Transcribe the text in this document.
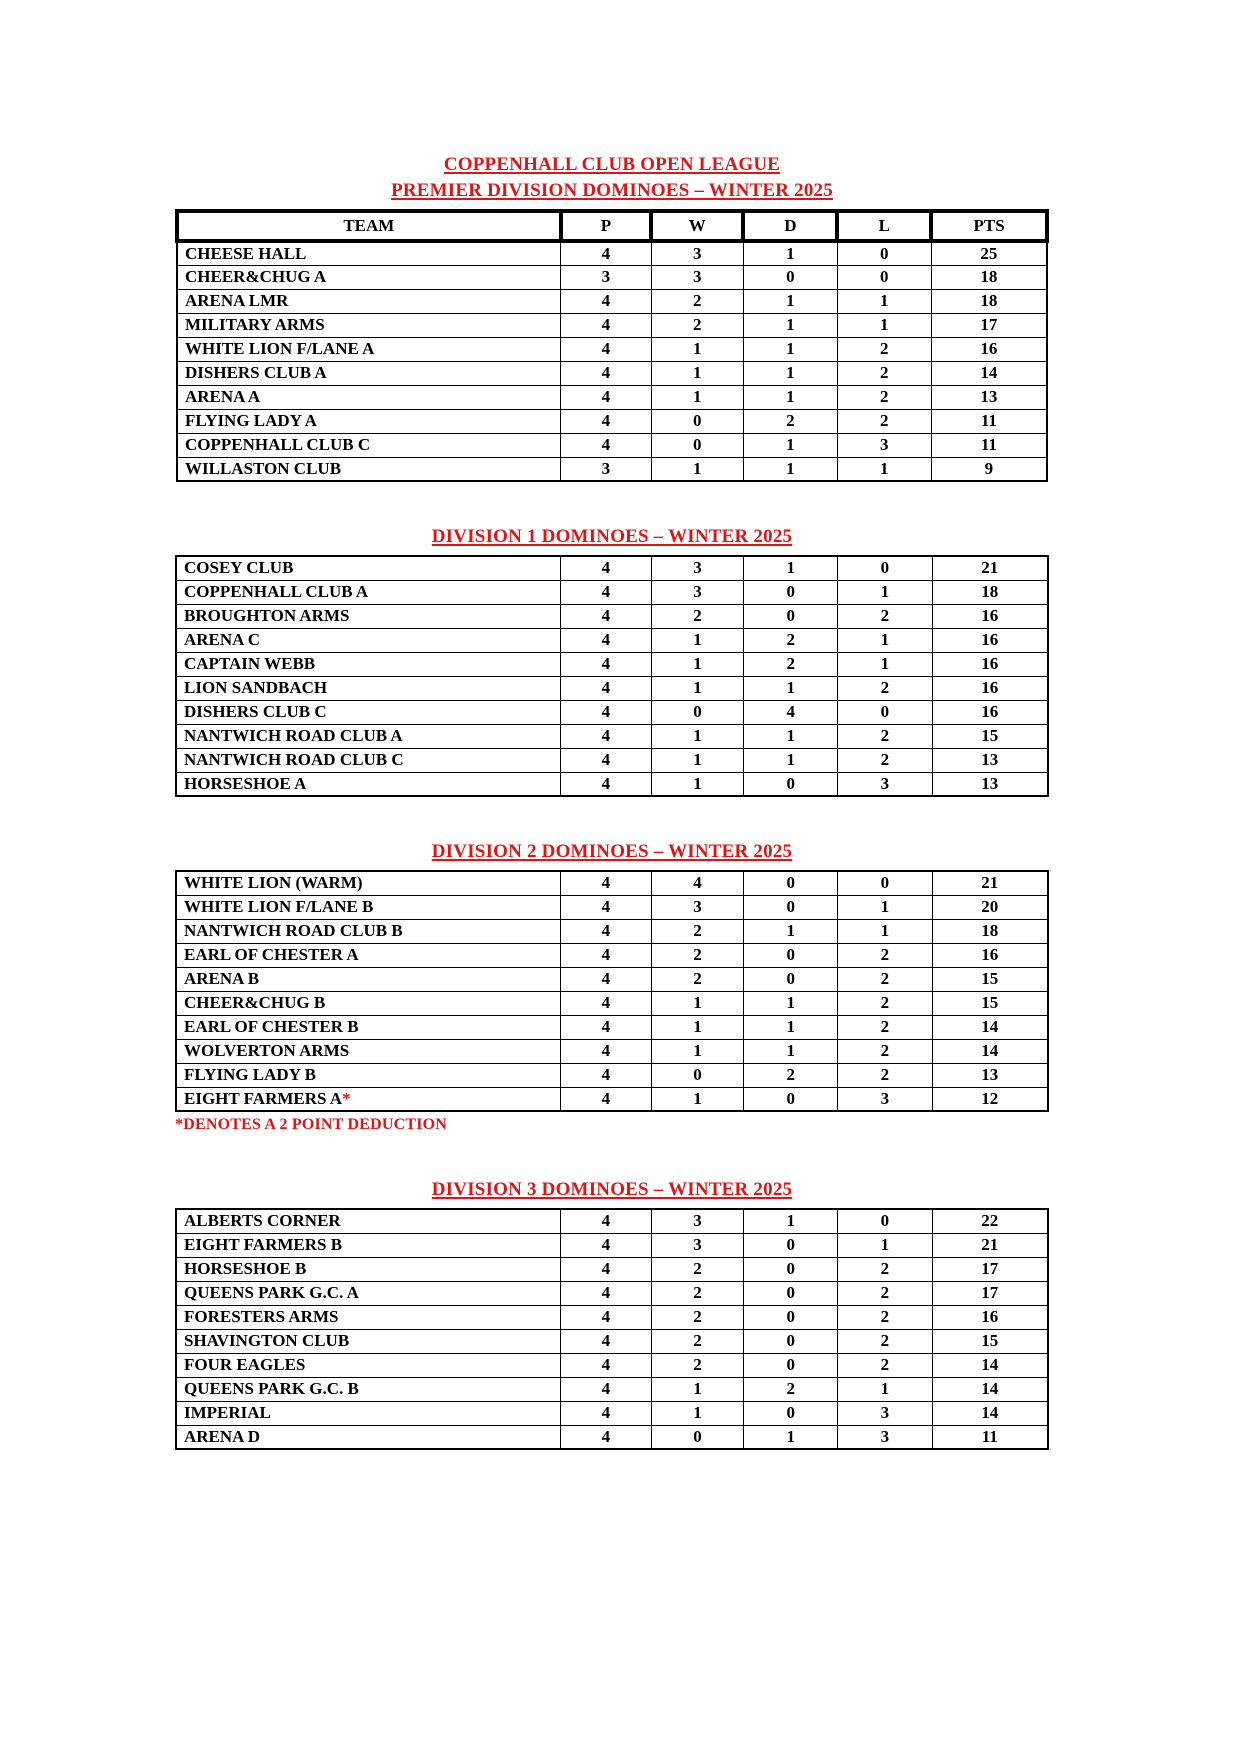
COPPENHALL CLUB OPEN LEAGUE
PREMIER DIVISION DOMINOES – WINTER 2025
TEAM	P	W	D	L	PTS
CHEESE HALL	4	3	1	0	25
CHEER&CHUG A	3	3	0	0	18
ARENA LMR	4	2	1	1	18
MILITARY ARMS	4	2	1	1	17
WHITE LION F/LANE A	4	1	1	2	16
DISHERS CLUB A	4	1	1	2	14
ARENA A	4	1	1	2	13
FLYING LADY A	4	0	2	2	11
COPPENHALL CLUB C	4	0	1	3	11
WILLASTON CLUB	3	1	1	1	9
DIVISION 1 DOMINOES – WINTER 2025
COSEY CLUB	4	3	1	0	21
COPPENHALL CLUB A	4	3	0	1	18
BROUGHTON ARMS	4	2	0	2	16
ARENA C	4	1	2	1	16
CAPTAIN WEBB	4	1	2	1	16
LION SANDBACH	4	1	1	2	16
DISHERS CLUB C	4	0	4	0	16
NANTWICH ROAD CLUB A	4	1	1	2	15
NANTWICH ROAD CLUB C	4	1	1	2	13
HORSESHOE A	4	1	0	3	13
DIVISION 2 DOMINOES – WINTER 2025
WHITE LION (WARM)	4	4	0	0	21
WHITE LION F/LANE B	4	3	0	1	20
NANTWICH ROAD CLUB B	4	2	1	1	18
EARL OF CHESTER A	4	2	0	2	16
ARENA B	4	2	0	2	15
CHEER&CHUG B	4	1	1	2	15
EARL OF CHESTER B	4	1	1	2	14
WOLVERTON ARMS	4	1	1	2	14
FLYING LADY B	4	0	2	2	13
EIGHT FARMERS A*	4	1	0	3	12
*DENOTES A 2 POINT DEDUCTION
DIVISION 3 DOMINOES – WINTER 2025
ALBERTS CORNER	4	3	1	0	22
EIGHT FARMERS B	4	3	0	1	21
HORSESHOE B	4	2	0	2	17
QUEENS PARK G.C. A	4	2	0	2	17
FORESTERS ARMS	4	2	0	2	16
SHAVINGTON CLUB	4	2	0	2	15
FOUR EAGLES	4	2	0	2	14
QUEENS PARK G.C. B	4	1	2	1	14
IMPERIAL	4	1	0	3	14
ARENA D	4	0	1	3	11
